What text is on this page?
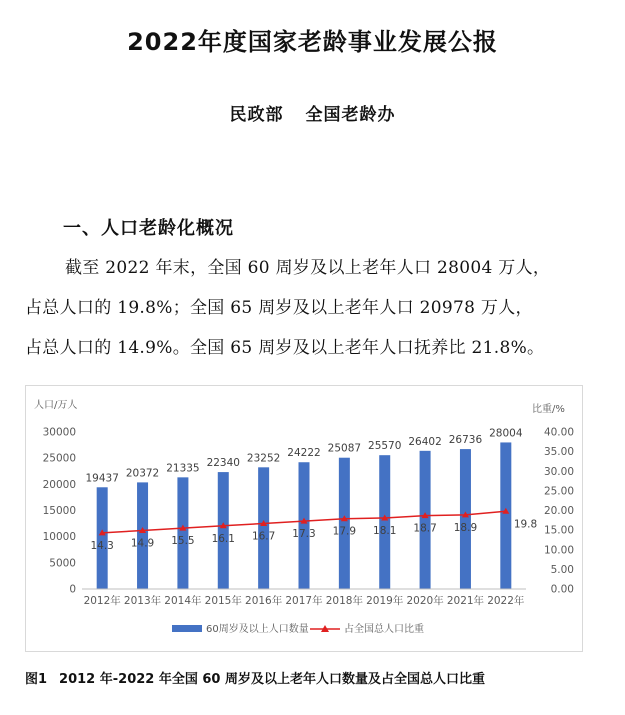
2022年度国家老龄事业发展公报
民政部 全国老龄办
一、人口老龄化概况

截至 2022 年末，全国 60 周岁及以上老年人口 28004 万人，

占总人口的 19.8%；全国 65 周岁及以上老年人口 20978 万人，

占总人口的 14.9%。全国 65 周岁及以上老年人口抚养比 21.8%。

人口/万人	比重/%
0
5000
10000
15000
20000
25000
30000
0.00
5.00
10.00
15.00
20.00
25.00
30.00
35.00
40.00
19437 20372 21335 22340 23252 24222 25087 25570 26402 26736
28004
14.3 14.9 15.5 16.1 16.7 17.3 17.9 18.1 18.7 18.9	19.8
2012年 2013年 2014年 2015年 2016年 2017年 2018年 2019年 2020年 2021年 2022年
60周岁及以上人口数量	占全国总人口比重
图1 2012 年-2022 年全国 60 周岁及以上老年人口数量及占全国总人口比重
